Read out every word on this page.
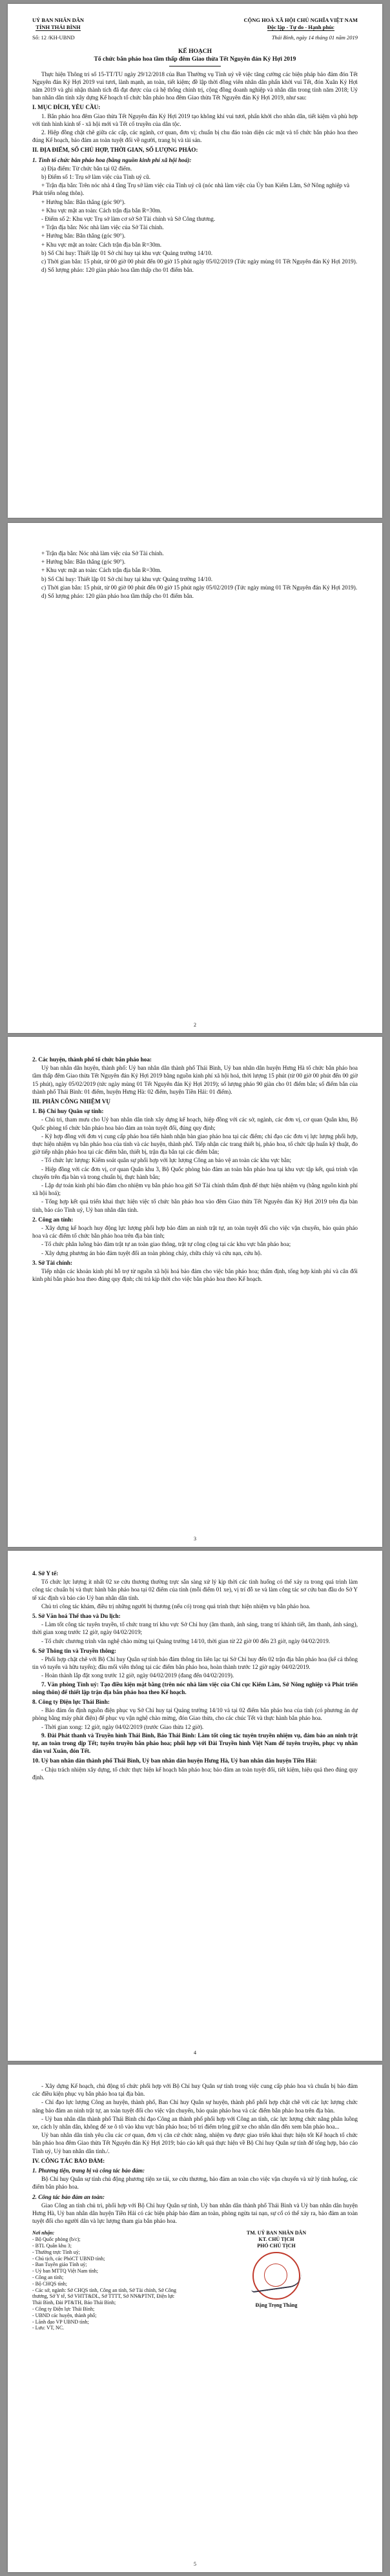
UỶ BAN NHÂN DÂN
TỈNH THÁI BÌNH
CỘNG HOÀ XÃ HỘI CHỦ NGHĨA VIỆT NAM
Độc lập - Tự do - Hạnh phúc
Số: 12 /KH-UBND	Thái Bình, ngày 14 tháng 01 năm 2019
KẾ HOẠCH
Tổ chức bắn pháo hoa tầm thấp đêm Giao thừa Tết Nguyên đán Kỷ Hợi 2019

Thực hiện Thông tri số 15-TT/TU ngày 29/12/2018 của Ban Thường vụ Tỉnh uỷ về việc tăng cường các biện pháp bảo đảm đón Tết Nguyên đán Kỷ Hợi 2019 vui tươi, lành mạnh, an toàn, tiết kiệm; đề lập thời đồng viên nhân dân phấn khởi vui Tết, đón Xuân Kỷ Hợi năm 2019 và ghi nhận thành tích đã đạt được của cả hệ thống chính trị, cộng đồng doanh nghiệp và nhân dân trong tỉnh năm 2018; Uỷ ban nhân dân tỉnh xây dựng Kế hoạch tổ chức bắn pháo hoa đêm Giao thừa Tết Nguyên đán Kỷ Hợi 2019, như sau:

I. MỤC ĐÍCH, YÊU CẦU:

1. Bắn pháo hoa đêm Giao thừa Tết Nguyên đán Kỷ Hợi 2019 tạo không khí vui tươi, phấn khởi cho nhân dân, tiết kiệm và phù hợp với tình hình kinh tế - xã hội mới và Tết cổ truyền của dân tộc.

2. Hiệp đồng chặt chẽ giữa các cấp, các ngành, cơ quan, đơn vị; chuẩn bị chu đáo toàn diện các mặt và tổ chức bắn pháo hoa theo đúng Kế hoạch, bảo đảm an toàn tuyệt đối về người, trang bị và tài sản.

II. ĐỊA ĐIỂM, SỐ CHỦ HỢP, THỜI GIAN, SỐ LƯỢNG PHÁO:
1. Tình tổ chức bắn pháo hoa (bằng nguồn kinh phí xã hội hoá):
a) Địa điểm: Từ chức bắn tại 02 điểm.
b) Điểm số 1: Trụ sở làm việc của Tỉnh uỷ cũ.
+ Trận địa bắn: Trên nóc nhà 4 tầng Trụ sở làm việc của Tỉnh uỷ cũ (nóc nhà làm việc của Ủy ban Kiểm Lâm, Sở Nông nghiệp và Phát triển nông thôn).
+ Hướng bắn: Bắn thẳng (góc 90°).
+ Khu vực mặt an toàn: Cách trận địa bắn R=30m.
- Điểm số 2: Khu vực Trụ sở làm cơ sở Sở Tài chính và Sở Công thương.
+ Trận địa bắn: Nóc nhà làm việc của Sở Tài chính.
+ Hướng bắn: Bắn thẳng (góc 90°).
+ Khu vực mặt an toàn: Cách trận địa bắn R=30m.
b) Số Chỉ huy: Thiết lập 01 Sở chỉ huy tại khu vực Quảng trường 14/10.
c) Thời gian bắn: 15 phút, từ 00 giờ 00 phút đến 00 giờ 15 phút ngày 05/02/2019 (Tức ngày mùng 01 Tết Nguyên đán Kỷ Hợi 2019).
d) Số lượng pháo: 120 giàn pháo hoa tầm thấp cho 01 điểm bắn.
+ Trận địa bắn: Nóc nhà làm việc của Sở Tài chính.
+ Hướng bắn: Bắn thẳng (góc 90°).
+ Khu vực mặt an toàn: Cách trận địa bắn R=30m.
b) Số Chỉ huy: Thiết lập 01 Sở chỉ huy tại khu vực Quảng trường 14/10.
c) Thời gian bắn: 15 phút, từ 00 giờ 00 phút đến 00 giờ 15 phút ngày 05/02/2019 (Tức ngày mùng 01 Tết Nguyên đán Kỷ Hợi 2019).
d) Số lượng pháo: 120 giàn pháo hoa tầm thấp cho 01 điểm bắn.
2
2. Các huyện, thành phố tổ chức bắn pháo hoa:

Uỷ ban nhân dân huyện, thành phố: Uỷ ban nhân dân thành phố Thái Bình, Uỷ ban nhân dân huyện Hưng Hà tổ chức bắn pháo hoa tầm thấp đêm Giao thừa Tết Nguyên đán Kỷ Hợi 2019 bằng nguồn kinh phí xã hội hoá, thời lượng 15 phút (từ 00 giờ 00 phút đến 00 giờ 15 phút), ngày 05/02/2019 (tức ngày mùng 01 Tết Nguyên đán Kỷ Hợi 2019); số lượng pháo 90 giàn cho 01 điểm bắn; số điểm bắn của thành phố Thái Bình: 01 điểm, huyện Hưng Hà: 02 điểm, huyện Tiền Hải: 01 điểm).

III. PHÂN CÔNG NHIỆM VỤ
1. Bộ Chỉ huy Quân sự tỉnh:

- Chủ trì, tham mưu cho Uỷ ban nhân dân tỉnh xây dựng kế hoạch, hiệp đồng với các sở, ngành, các đơn vị, cơ quan Quân khu, Bộ Quốc phòng tổ chức bắn pháo hoa bảo đảm an toàn tuyệt đối, đúng quy định;

- Kỹ hợp đồng với đơn vị cung cấp pháo hoa tiến hành nhận bàn giao pháo hoa tại các điểm; chỉ đạo các đơn vị lực lượng phối hợp, thực hiện nhiệm vụ bắn pháo hoa của tỉnh và các huyện, thành phố. Tiếp nhận các trang thiết bị, pháo hoa, tổ chức tập huấn kỹ thuật, đo giờ tiếp nhận pháo hoa tại các điểm bắn, thiết bị, trận địa bắn tại các điểm bắn;

- Tổ chức lực lượng: Kiểm soát quân sự phối hợp với lực lượng Công an bảo vệ an toàn các khu vực bắn;

- Hiệp đồng với các đơn vị, cơ quan Quân khu 3, Bộ Quốc phòng bảo đảm an toàn bắn pháo hoa tại khu vực tập kết, quá trình vận chuyển trên địa bàn và trong chuẩn bị, thực hành bắn;

- Lập dự toán kinh phí bảo đảm cho nhiệm vụ bắn pháo hoa gửi Sở Tài chính thẩm định để thực hiện nhiệm vụ (bằng nguồn kinh phí xã hội hoá);

- Tổng hợp kết quả triển khai thực hiện việc tổ chức bắn pháo hoa vào đêm Giao thừa Tết Nguyên đán Kỷ Hợi 2019 trên địa bàn tỉnh, báo cáo Tỉnh uỷ, Uỷ ban nhân dân tỉnh.

2. Công an tỉnh:

- Xây dựng kế hoạch huy động lực lượng phối hợp bảo đảm an ninh trật tự, an toàn tuyệt đối cho việc vận chuyển, bảo quản pháo hoa và các điểm tổ chức bắn pháo hoa trên địa bàn tỉnh;

- Tổ chức phân luồng bảo đảm trật tự an toàn giao thông, trật tự công cộng tại các khu vực bắn pháo hoa;

- Xây dựng phương án bảo đảm tuyệt đối an toàn phòng cháy, chữa cháy và cứu nạn, cứu hộ.

3. Sở Tài chính:

Tiếp nhận các khoản kinh phí hỗ trợ từ nguồn xã hội hoá bảo đảm cho việc bắn pháo hoa; thẩm định, tổng hợp kinh phí và cân đối kinh phí bắn pháo hoa theo đúng quy định; chi trả kịp thời cho việc bắn pháo hoa theo Kế hoạch.

3
4. Sở Y tế:

Tổ chức lực lượng ít nhất 02 xe cứu thương thường trực sẵn sàng xử lý kịp thời các tình huống có thể xảy ra trong quá trình làm công tác chuẩn bị và thực hành bắn pháo hoa tại 02 điểm của tỉnh (mỗi điểm 01 xe), vị trí đỗ xe và làm công tác sơ cứu ban đầu do Sở Y tế xác định và báo cáo Uỷ ban nhân dân tỉnh.

Chủ trì công tác khám, điều trị những người bị thương (nếu có) trong quá trình thực hiện nhiệm vụ bắn pháo hoa.

5. Sở Văn hoá Thể thao và Du lịch:

- Làm tốt công tác tuyên truyền, tổ chức trang trí khu vực Sở Chỉ huy (âm thanh, ánh sáng, trang trí khánh tiết, âm thanh, ánh sáng), thời gian xong trước 12 giờ, ngày 04/02/2019;

- Tổ chức chương trình văn nghệ chào mừng tại Quảng trường 14/10, thời gian từ 22 giờ 00 đến 23 giờ, ngày 04/02/2019.

6. Sở Thông tin và Truyền thông:

- Phối hợp chặt chẽ với Bộ Chỉ huy Quân sự tỉnh bảo đảm thông tin liên lạc tại Sở Chỉ huy đến 02 trận địa bắn pháo hoa (kể cả thông tin vô tuyến và hữu tuyến); đầu mối viễn thông tại các điểm bắn pháo hoa, hoàn thành trước 12 giờ ngày 04/02/2019.

- Hoàn thành lắp đặt xong trước 12 giờ, ngày 04/02/2019 (đang đến 04/02/2019).

7. Văn phòng Tỉnh uỷ: Tạo điều kiện mặt bằng (trên nóc nhà làm việc của Chi cục Kiểm Lâm, Sở Nông nghiệp và Phát triển nông thôn) để thiết lập trận địa bắn pháo hoa theo Kế hoạch.

8. Công ty Điện lực Thái Bình:

- Bảo đảm ổn định nguồn điện phục vụ Sở Chỉ huy tại Quảng trường 14/10 và tại 02 điểm bắn pháo hoa của tỉnh (có phương án dự phòng bằng máy phát điện) để phục vụ vận nghệ chào mừng, đón Giao thừa, cho các chúc Tết và thực hành bắn pháo hoa.

- Thời gian xong: 12 giờ, ngày 04/02/2019 (trước Giao thừa 12 giờ).

9. Đài Phát thanh và Truyền hình Thái Bình, Báo Thái Bình: Làm tốt công tác tuyên truyền nhiệm vụ, đảm bảo an ninh trật tự, an toàn trong dịp Tết; tuyên truyền bắn pháo hoa; phối hợp với Đài Truyền hình Việt Nam để tuyên truyền, phục vụ nhân dân vui Xuân, đón Tết.

10. Uỷ ban nhân dân thành phố Thái Bình, Uỷ ban nhân dân huyện Hưng Hà, Uỷ ban nhân dân huyện Tiền Hải:

- Chịu trách nhiệm xây dựng, tổ chức thực hiện kế hoạch bắn pháo hoa; bảo đảm an toàn tuyệt đối, tiết kiệm, hiệu quả theo đúng quy định.

4

- Xây dựng Kế hoạch, chủ động tổ chức phối hợp với Bộ Chỉ huy Quân sự tỉnh trong việc cung cấp pháo hoa và chuẩn bị bảo đảm các điều kiện phục vụ bắn pháo hoa tại địa bàn.

- Chỉ đạo lực lượng Công an huyện, thành phố, Ban Chỉ huy Quân sự huyện, thành phố phối hợp chặt chẽ với các lực lượng chức năng bảo đảm an ninh trật tự, an toàn tuyệt đối cho việc vận chuyển, bảo quản pháo hoa và các điểm bắn pháo hoa trên địa bàn.

- Uỷ ban nhân dân thành phố Thái Bình chỉ đạo Công an thành phố phối hợp với Công an tỉnh, các lực lượng chức năng phân luồng xe, cách ly nhân dân, không để xe ô tô vào khu vực bắn pháo hoa; bố trí điểm trông giữ xe cho nhân dân đến xem bắn pháo hoa...

Uỷ ban nhân dân tỉnh yêu cầu các cơ quan, đơn vị căn cứ chức năng, nhiệm vụ được giao triển khai thực hiện tốt Kế hoạch tổ chức bắn pháo hoa đêm Giao thừa Tết Nguyên đán Kỷ Hợi 2019; báo cáo kết quả thực hiện về Bộ Chỉ huy Quân sự tỉnh để tổng hợp, báo cáo Tỉnh uỷ, Uỷ ban nhân dân tỉnh./.

IV. CÔNG TÁC BẢO ĐẢM:
1. Phương tiện, trang bị và công tác bảo đảm:

Bộ Chỉ huy Quân sự tỉnh chủ động phương tiện xe tải, xe cứu thương, bảo đảm an toàn cho việc vận chuyển và xử lý tình huống, các điểm bắn pháo hoa.

2. Công tác bảo đảm an toàn:

Giao Công an tỉnh chủ trì, phối hợp với Bộ Chỉ huy Quân sự tỉnh, Uỷ ban nhân dân thành phố Thái Bình và Uỷ ban nhân dân huyện Hưng Hà, Uỷ ban nhân dân huyện Tiền Hải có các biện pháp bảo đảm an toàn, phòng ngừa tai nạn, sự cố có thể xảy ra, bảo đảm an toàn tuyệt đối cho người dân và lực lượng tham gia bắn pháo hoa.

Nơi nhận:
- Bộ Quốc phòng (b/c);
- BTL Quân khu 3;
- Thường trực Tỉnh uỷ;
- Chủ tịch, các PhóCT UBND tỉnh;
- Ban Tuyên giáo Tỉnh uỷ;
- Uỷ ban MTTQ Việt Nam tỉnh;
- Công an tỉnh;
- Bộ CHQS tỉnh;
- Các sở, ngành: Sở CHQS tỉnh, Công an tỉnh, Sở Tài chính, Sở Công thương, Sở Y tế, Sở VHTT&DL, Sở TTTT, Sở NN&PTNT, Điện lực Thái Bình, Đài PT&TH, Báo Thái Bình;
- Công ty Điện lực Thái Bình;
- UBND các huyện, thành phố;
- Lãnh đạo VP UBND tỉnh;
- Lưu: VT, NC.
TM. UỶ BAN NHÂN DÂN
KT. CHỦ TỊCH
PHÓ CHỦ TỊCH
Đặng Trọng Thăng
5
